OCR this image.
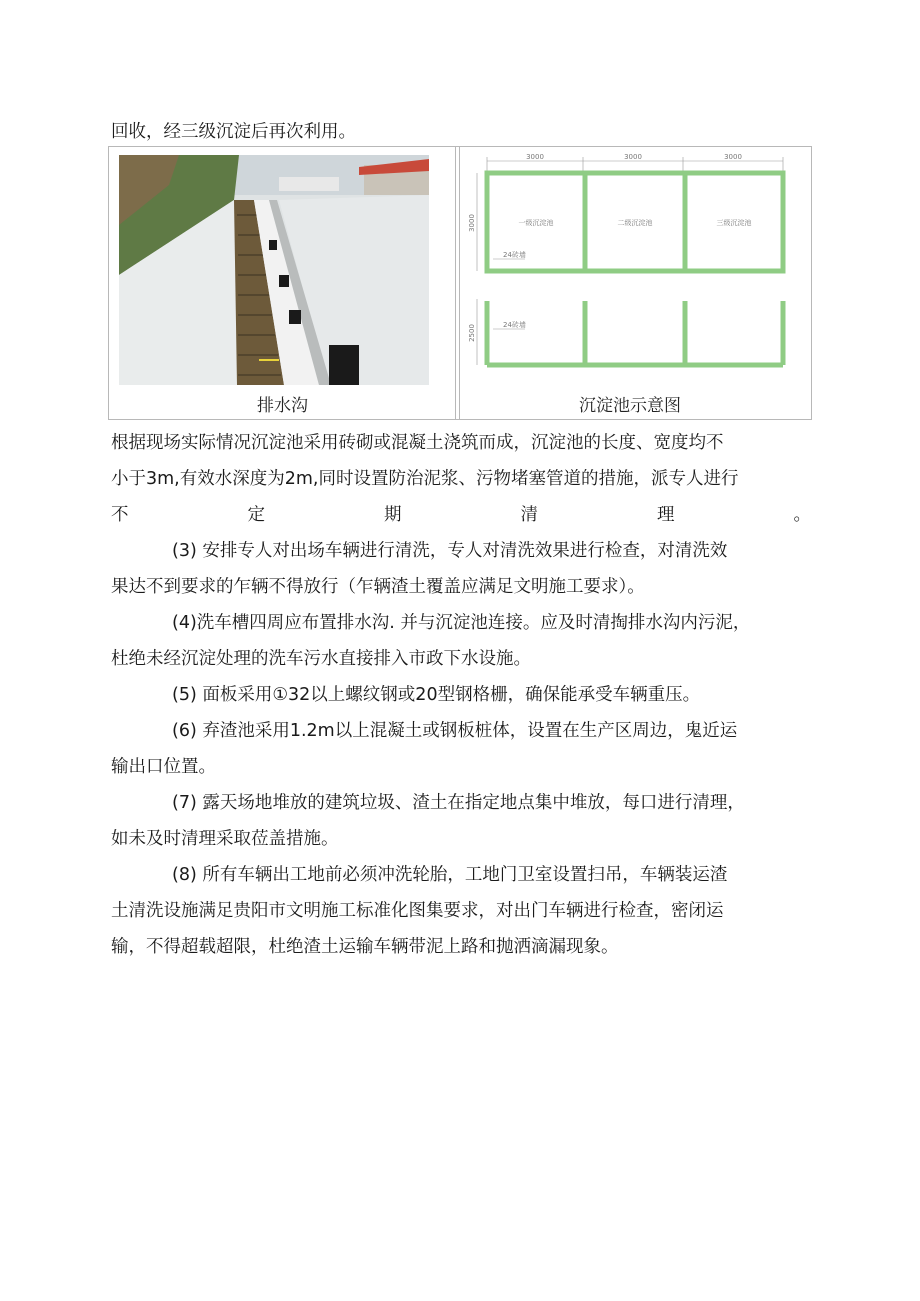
回收，经三级沉淀后再次利用。
3000	3000	3000
3000
2500
一级沉淀池	二级沉淀池	三级沉淀池
24砖墙
24砖墙
排水沟	沉淀池示意图
根据现场实际情况沉淀池采用砖砌或混凝土浇筑而成，沉淀池的长度、宽度均不
小于3m,有效水深度为2m,同时设置防治泥浆、污物堵塞管道的措施，派专人进行
不	定	期	清	理	。
(3) 安排专人对出场车辆进行清洗，专人对清洗效果进行检查，对清洗效
果达不到要求的乍辆不得放行（乍辆渣土覆盖应满足文明施工要求）。
(4)洗车槽四周应布置排水沟. 并与沉淀池连接。应及时清掏排水沟内污泥，
杜绝未经沉淀处理的洗车污水直接排入市政下水设施。
(5) 面板采用①32以上螺纹钢或20型钢格栅，确保能承受车辆重压。
(6) 弃渣池采用1.2m以上混凝土或钢板桩体，设置在生产区周边，鬼近运
输出口位置。
(7) 露天场地堆放的建筑垃圾、渣土在指定地点集中堆放，每口进行清理，
如未及时清理采取莅盖措施。
(8) 所有车辆出工地前必须冲洗轮胎，工地门卫室设置扫吊，车辆装运渣
土清洗设施满足贵阳市文明施工标准化图集要求，对出门车辆进行检查，密闭运
输，不得超载超限，杜绝渣土运输车辆带泥上路和抛洒滴漏现象。
